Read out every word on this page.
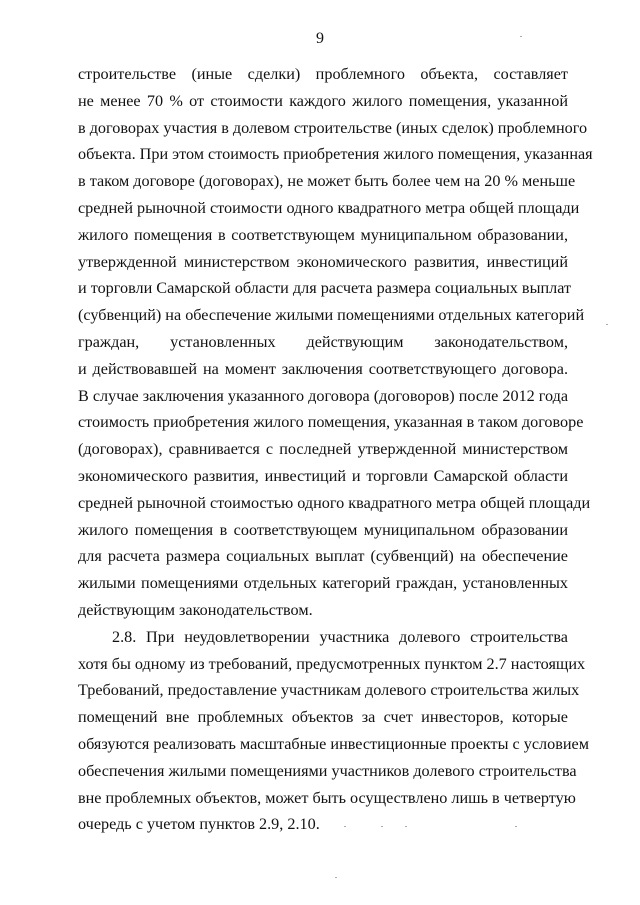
9
строительстве (иные сделки) проблемного объекта, составляет
не менее 70 % от стоимости каждого жилого помещения, указанной
в договорах участия в долевом строительстве (иных сделок) проблемного
объекта. При этом стоимость приобретения жилого помещения, указанная
в таком договоре (договорах), не может быть более чем на 20 % меньше
средней рыночной стоимости одного квадратного метра общей площади
жилого помещения в соответствующем муниципальном образовании,
утвержденной министерством экономического развития, инвестиций
и торговли Самарской области для расчета размера социальных выплат
(субвенций) на обеспечение жилыми помещениями отдельных категорий
граждан, установленных действующим законодательством,
и действовавшей на момент заключения соответствующего договора.
В случае заключения указанного договора (договоров) после 2012 года
стоимость приобретения жилого помещения, указанная в таком договоре
(договорах), сравнивается с последней утвержденной министерством
экономического развития, инвестиций и торговли Самарской области
средней рыночной стоимостью одного квадратного метра общей площади
жилого помещения в соответствующем муниципальном образовании
для расчета размера социальных выплат (субвенций) на обеспечение
жилыми помещениями отдельных категорий граждан, установленных
действующим законодательством.
2.8. При неудовлетворении участника долевого строительства
хотя бы одному из требований, предусмотренных пунктом 2.7 настоящих
Требований, предоставление участникам долевого строительства жилых
помещений вне проблемных объектов за счет инвесторов, которые
обязуются реализовать масштабные инвестиционные проекты с условием
обеспечения жилыми помещениями участников долевого строительства
вне проблемных объектов, может быть осуществлено лишь в четвертую
очередь с учетом пунктов 2.9, 2.10.
